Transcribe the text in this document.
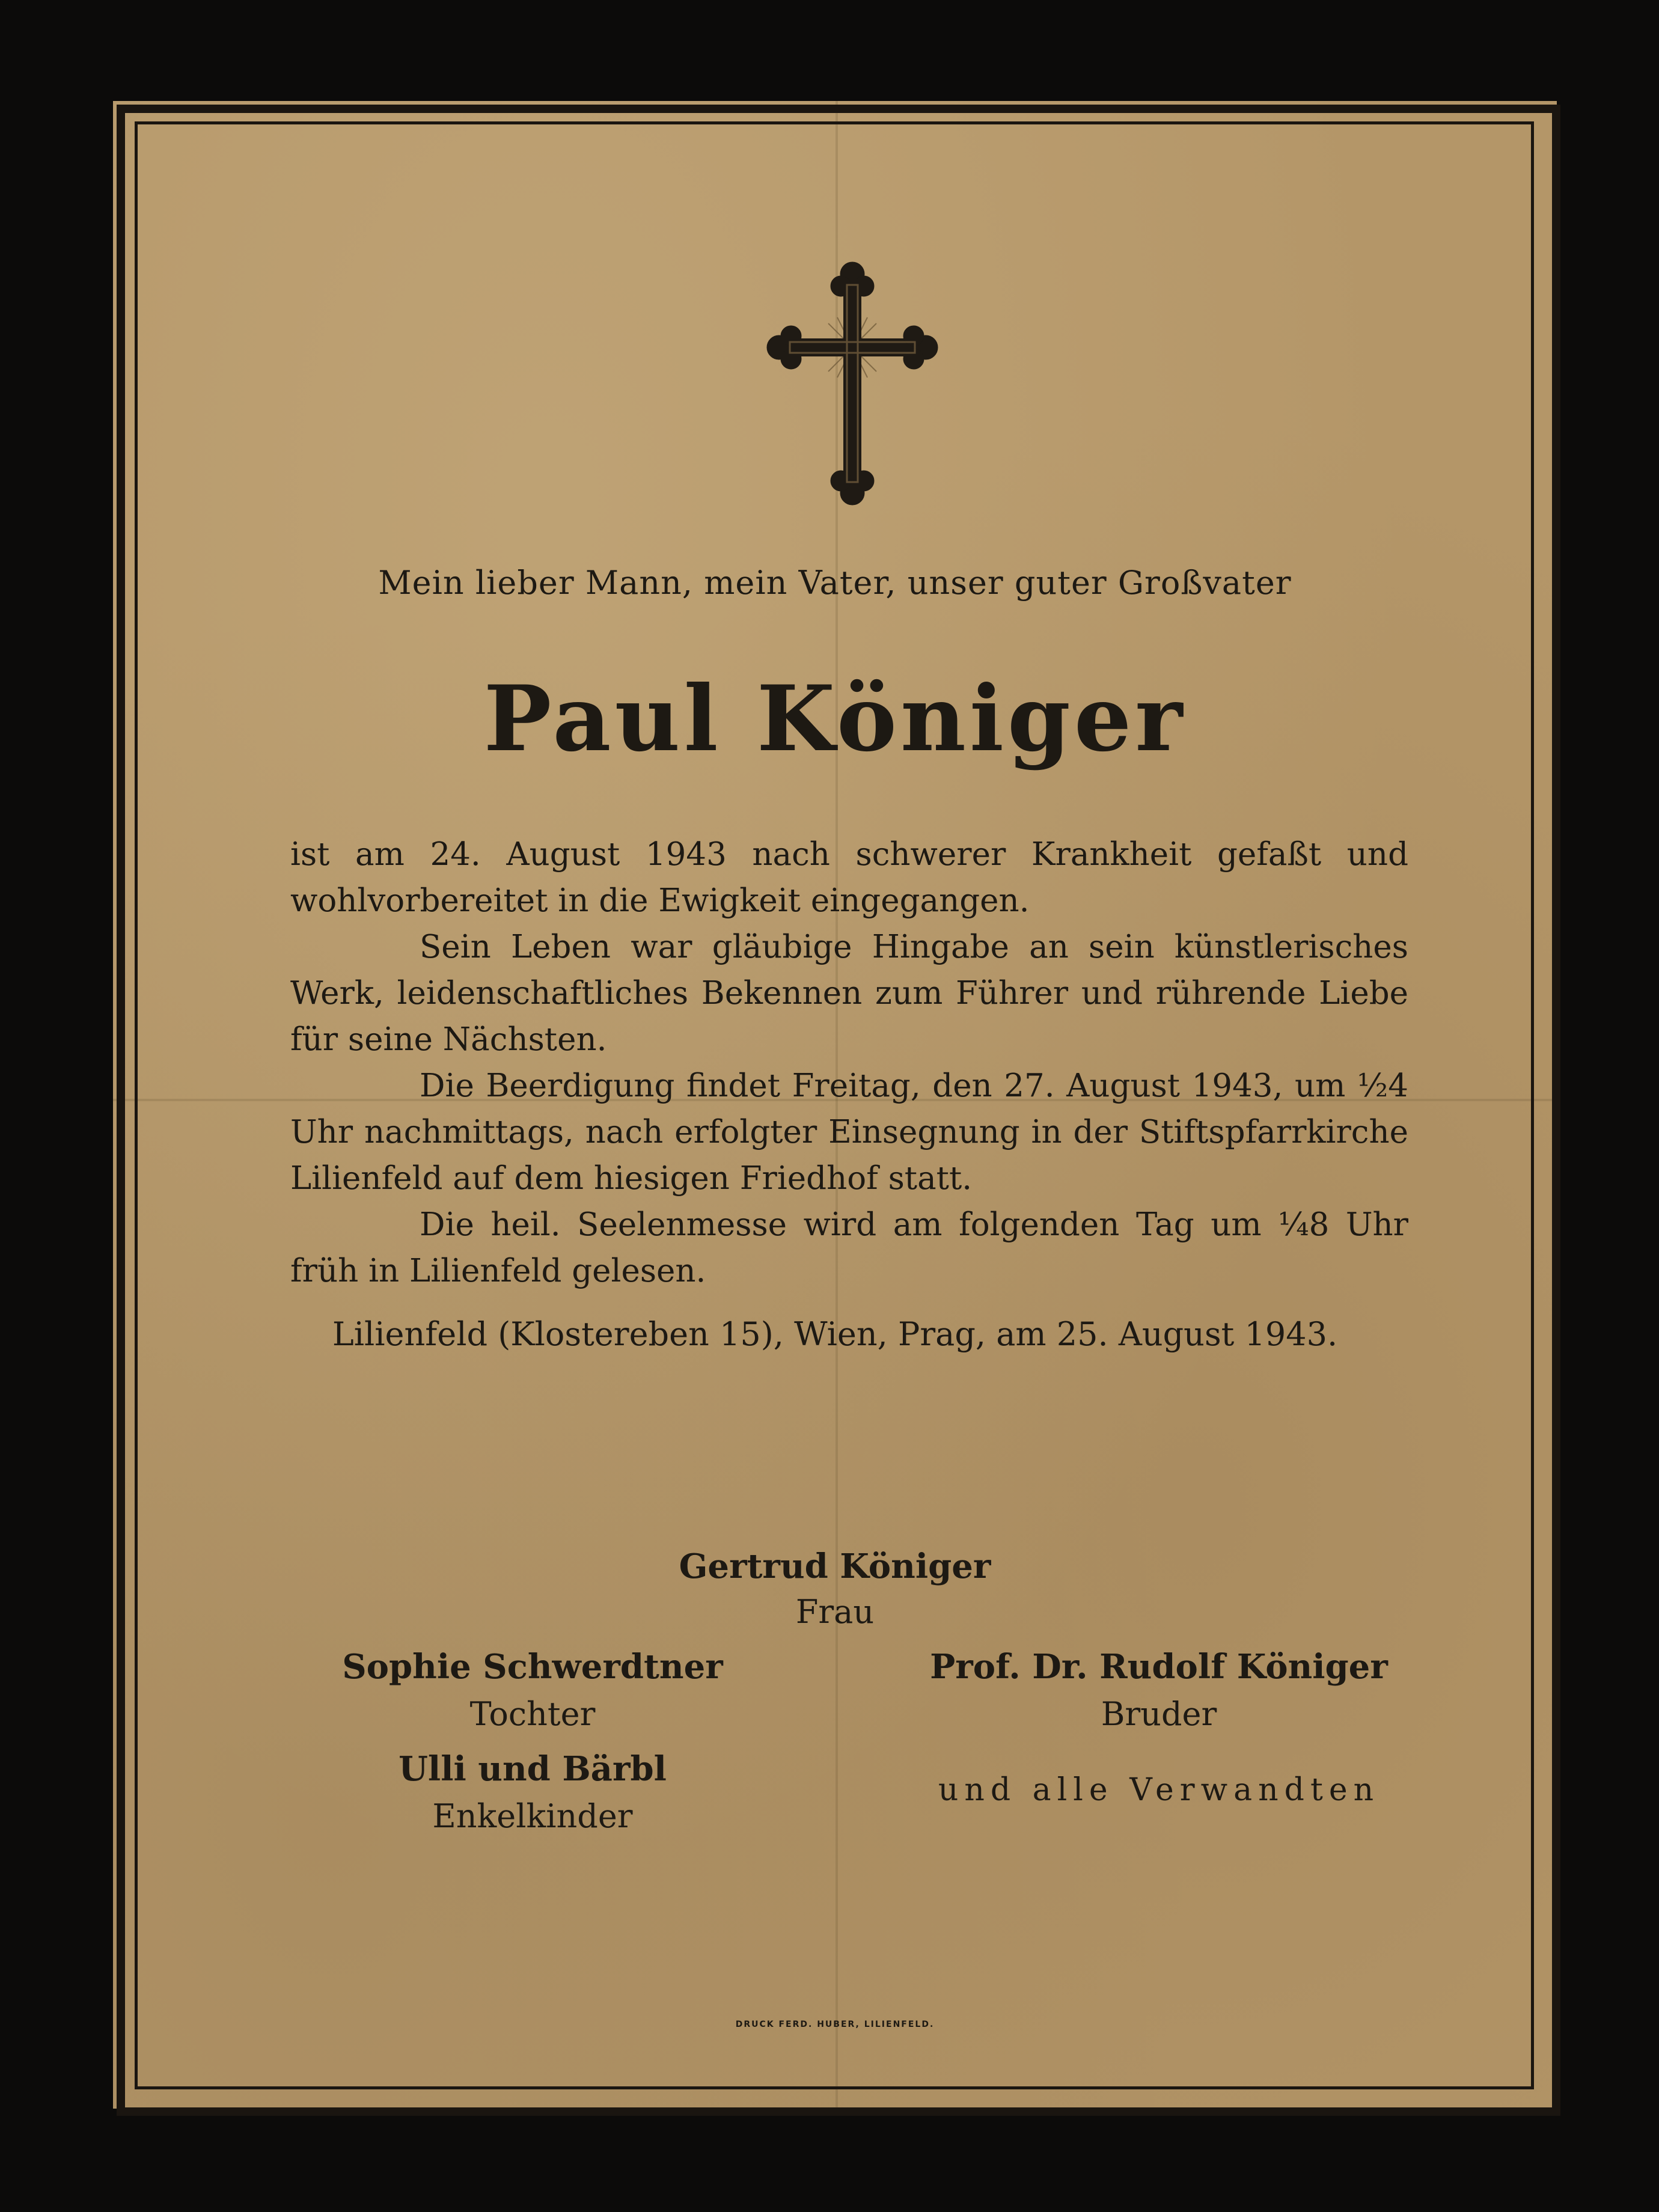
Mein lieber Mann, mein Vater, unser guter Großvater
Paul Königer

ist am 24. August 1943 nach schwerer Krankheit gefaßt und wohlvorbereitet in die Ewigkeit eingegangen.

Sein Leben war gläubige Hingabe an sein künstlerisches Werk, leidenschaftliches Bekennen zum Führer und rührende Liebe für seine Nächsten.

Die Beerdigung findet Freitag, den 27. August 1943, um ½4 Uhr nachmittags, nach erfolgter Einsegnung in der Stiftspfarrkirche Lilienfeld auf dem hiesigen Friedhof statt.

Die heil. Seelenmesse wird am folgenden Tag um ¼8 Uhr früh in Lilienfeld gelesen.

Lilienfeld (Klostereben 15), Wien, Prag, am 25. August 1943.
Gertrud Königer
Frau
Sophie Schwerdtner
Tochter
Ulli und Bärbl
Enkelkinder
Prof. Dr. Rudolf Königer
Bruder
und alle Verwandten
DRUCK FERD. HUBER, LILIENFELD.
